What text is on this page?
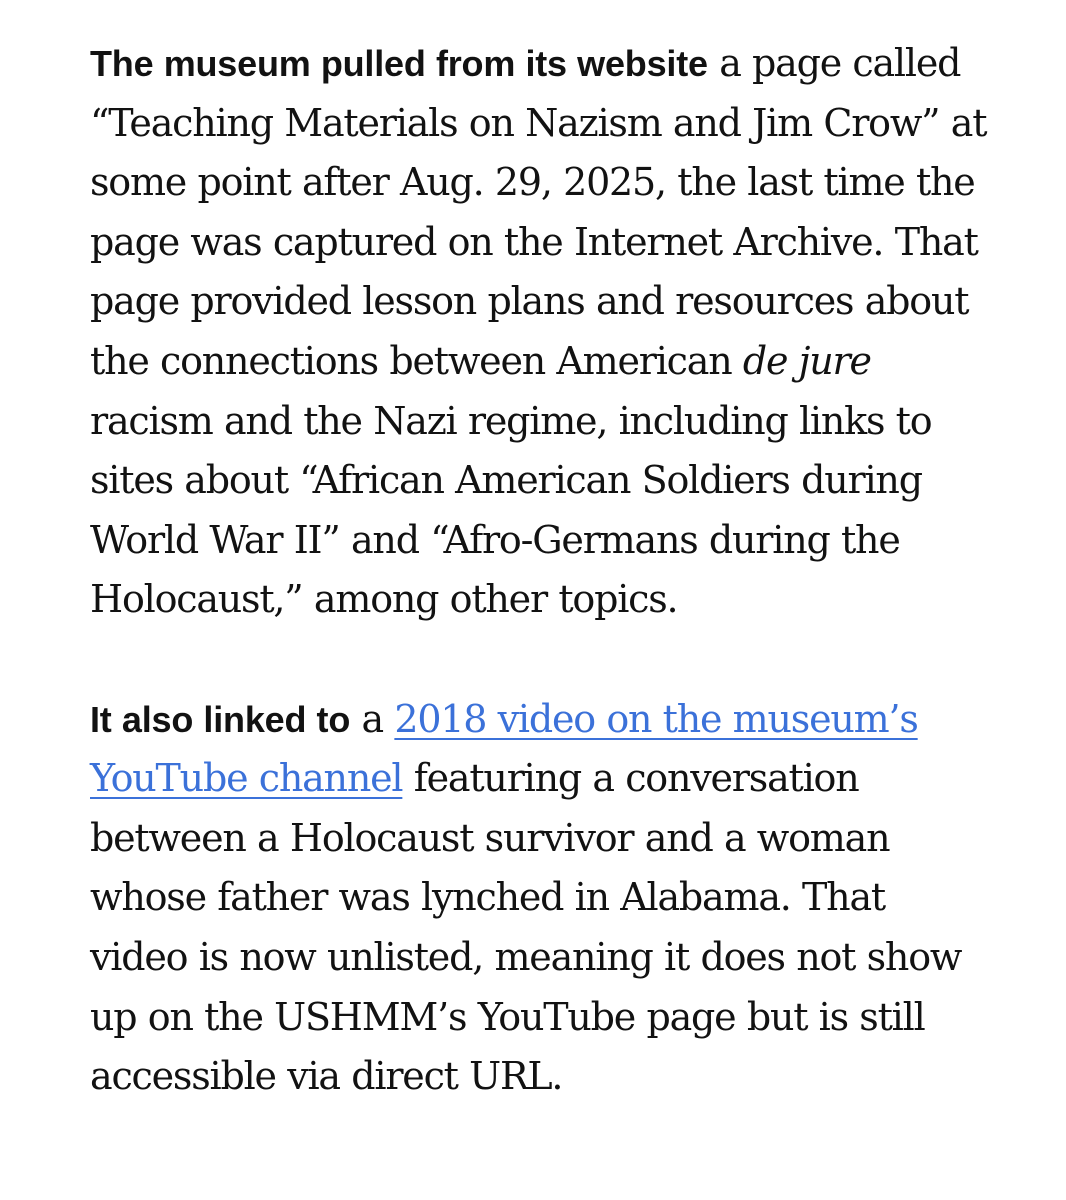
The museum pulled from its website a page called “Teaching Materials on Nazism and Jim Crow” at some point after Aug. 29, 2025, the last time the page was captured on the Internet Archive. That page provided lesson plans and resources about the connections between American de jure racism and the Nazi regime, including links to sites about “African American Soldiers during World War II” and “Afro-Germans during the Holocaust,” among other topics.

It also linked to a 2018 video on the museum’s YouTube channel featuring a conversation between a Holocaust survivor and a woman whose father was lynched in Alabama. That video is now unlisted, meaning it does not show up on the USHMM’s YouTube page but is still accessible via direct URL.
